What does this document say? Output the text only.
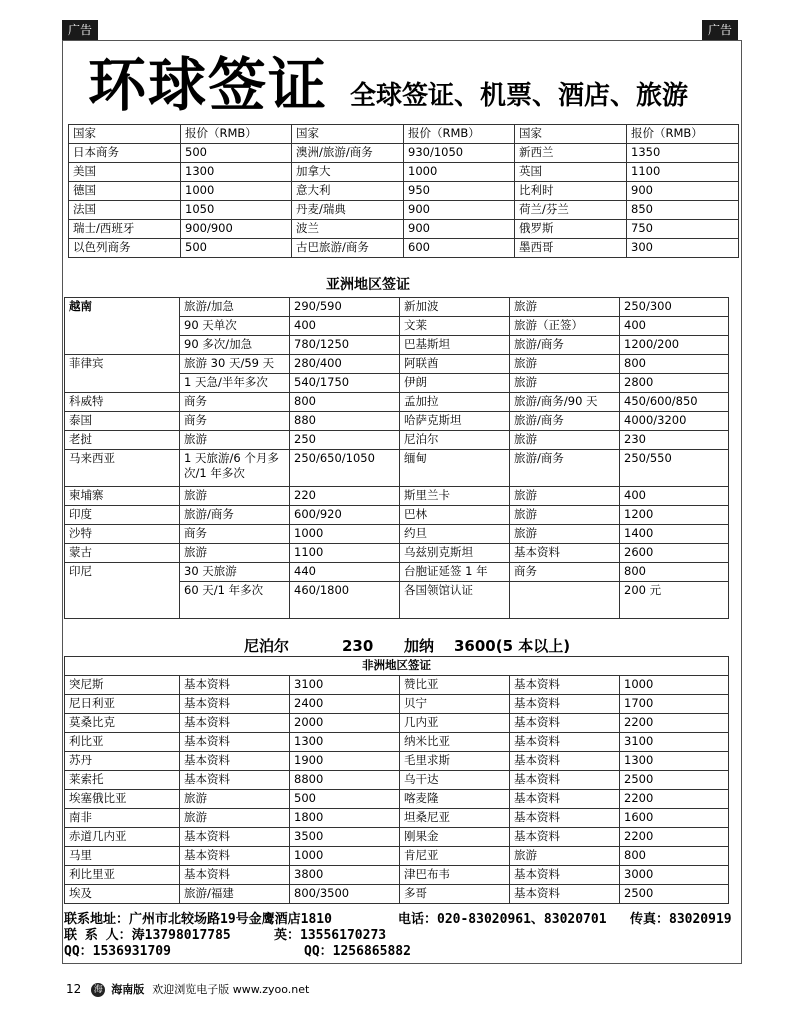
广告	广告
环球签证 全球签证、机票、酒店、旅游
国家	报价（RMB）	国家	报价（RMB）	国家	报价（RMB）
日本商务	500	澳洲/旅游/商务	930/1050	新西兰	1350
美国	1300	加拿大	1000	英国	1100
德国	1000	意大利	950	比利时	900
法国	1050	丹麦/瑞典	900	荷兰/芬兰	850
瑞士/西班牙	900/900	波兰	900	俄罗斯	750
以色列商务	500	古巴旅游/商务	600	墨西哥	300
亚洲地区签证
越南	旅游/加急	290/590	新加波	旅游	250/300
	90 天单次	400	文莱	旅游（正签）	400
	90 多次/加急	780/1250	巴基斯坦	旅游/商务	1200/200
菲律宾	旅游 30 天/59 天	280/400	阿联酋	旅游	800
	1 天急/半年多次	540/1750	伊朗	旅游	2800
科威特	商务	800	孟加拉	旅游/商务/90 天	450/600/850
泰国	商务	880	哈萨克斯坦	旅游/商务	4000/3200
老挝	旅游	250	尼泊尔	旅游	230
马来西亚	1 天旅游/6 个月多次/1 年多次	250/650/1050	缅甸	旅游/商务	250/550
柬埔寨	旅游	220	斯里兰卡	旅游	400
印度	旅游/商务	600/920	巴林	旅游	1200
沙特	商务	1000	约旦	旅游	1400
蒙古	旅游	1100	乌兹别克斯坦	基本资料	2600
印尼	30 天旅游	440	台胞证延签 1 年	商务	800
	60 天/1 年多次	460/1800	各国领馆认证		200 元
尼泊尔	230 加纳 3600(5 本以上)
非洲地区签证					
突尼斯	基本资料	3100	赞比亚	基本资料	1000
尼日利亚	基本资料	2400	贝宁	基本资料	1700
莫桑比克	基本资料	2000	几内亚	基本资料	2200
利比亚	基本资料	1300	纳米比亚	基本资料	3100
苏丹	基本资料	1900	毛里求斯	基本资料	1300
莱索托	基本资料	8800	乌干达	基本资料	2500
埃塞俄比亚	旅游	500	喀麦隆	基本资料	2200
南非	旅游	1800	坦桑尼亚	基本资料	1600
赤道几内亚	基本资料	3500	刚果金	基本资料	2200
马里	基本资料	1000	肯尼亚	旅游	800
利比里亚	基本资料	3800	津巴布韦	基本资料	3000
埃及	旅游/福建	800/3500	多哥	基本资料	2500
联系地址：广州市北较场路19号金鹰酒店1810	电话：020-83020961、83020701 传真：83020919
联 系 人：涛13798017785	英：13556170273
QQ：1536931709	QQ：1256865882
12 海 海南版 欢迎浏览电子版 www.zyoo.net
